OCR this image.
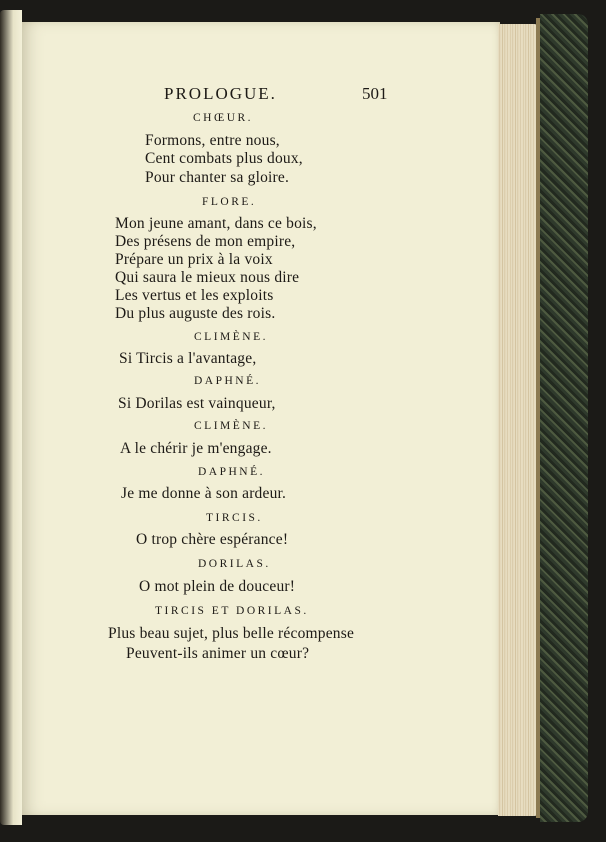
PROLOGUE.	501
CHŒUR.
Formons, entre nous,
Cent combats plus doux,
Pour chanter sa gloire.
FLORE.
Mon jeune amant, dans ce bois,
Des présens de mon empire,
Prépare un prix à la voix
Qui saura le mieux nous dire
Les vertus et les exploits
Du plus auguste des rois.
CLIMÈNE.
Si Tircis a l'avantage,
DAPHNÉ.
Si Dorilas est vainqueur,
CLIMÈNE.
A le chérir je m'engage.
DAPHNÉ.
Je me donne à son ardeur.
TIRCIS.
O trop chère espérance!
DORILAS.
O mot plein de douceur!
TIRCIS ET DORILAS.
Plus beau sujet, plus belle récompense
Peuvent-ils animer un cœur?
